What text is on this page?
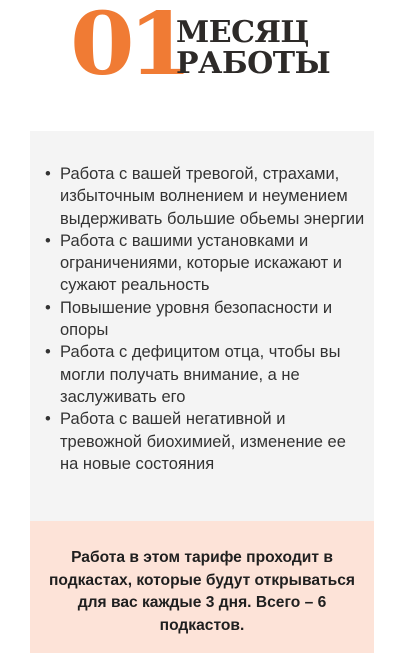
01
МЕСЯЦ
РАБОТЫ
• Работа с вашей тревогой, страхами, избыточным волнением и неумением выдерживать большие обьемы энергии
• Работа с вашими установками и ограничениями, которые искажают и сужают реальность
• Повышение уровня безопасности и опоры
• Работа с дефицитом отца, чтобы вы могли получать внимание, а не заслуживать его
• Работа с вашей негативной и тревожной биохимией, изменение ее на новые состояния
Работа в этом тарифе проходит в подкастах, которые будут открываться для вас каждые 3 дня. Всего – 6 подкастов.
